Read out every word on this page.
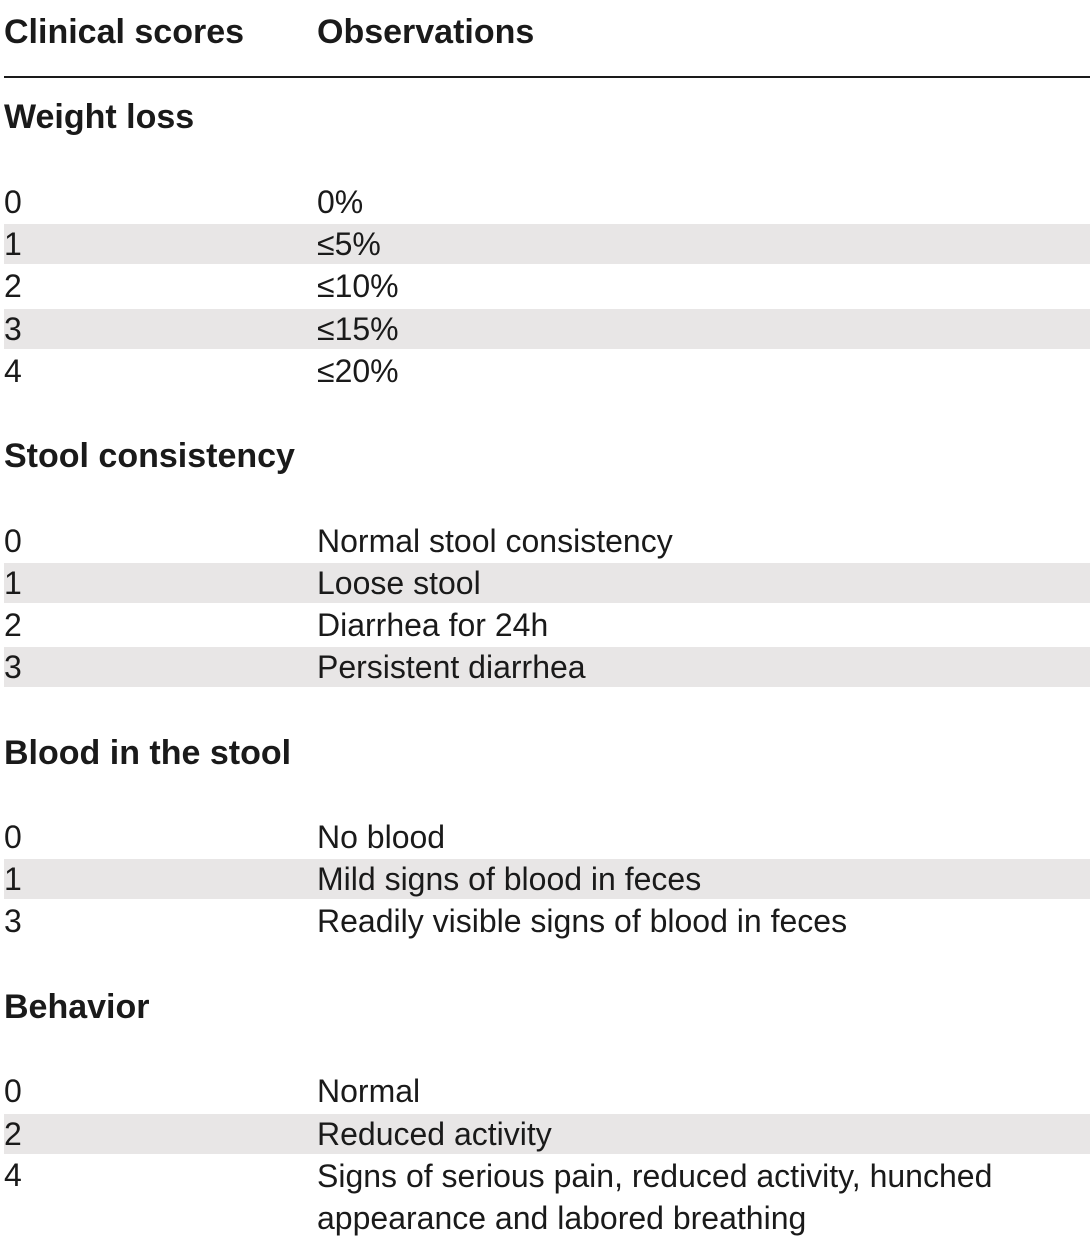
Clinical scores Observations
Weight loss
0	0%
1	≤5%
2	≤10%
3	≤15%
4	≤20%
Stool consistency
0	Normal stool consistency
1	Loose stool
2	Diarrhea for 24h
3	Persistent diarrhea
Blood in the stool
0	No blood
1	Mild signs of blood in feces
3	Readily visible signs of blood in feces
Behavior
0	Normal
2	Reduced activity
4	Signs of serious pain, reduced activity, hunched appearance and labored breathing
